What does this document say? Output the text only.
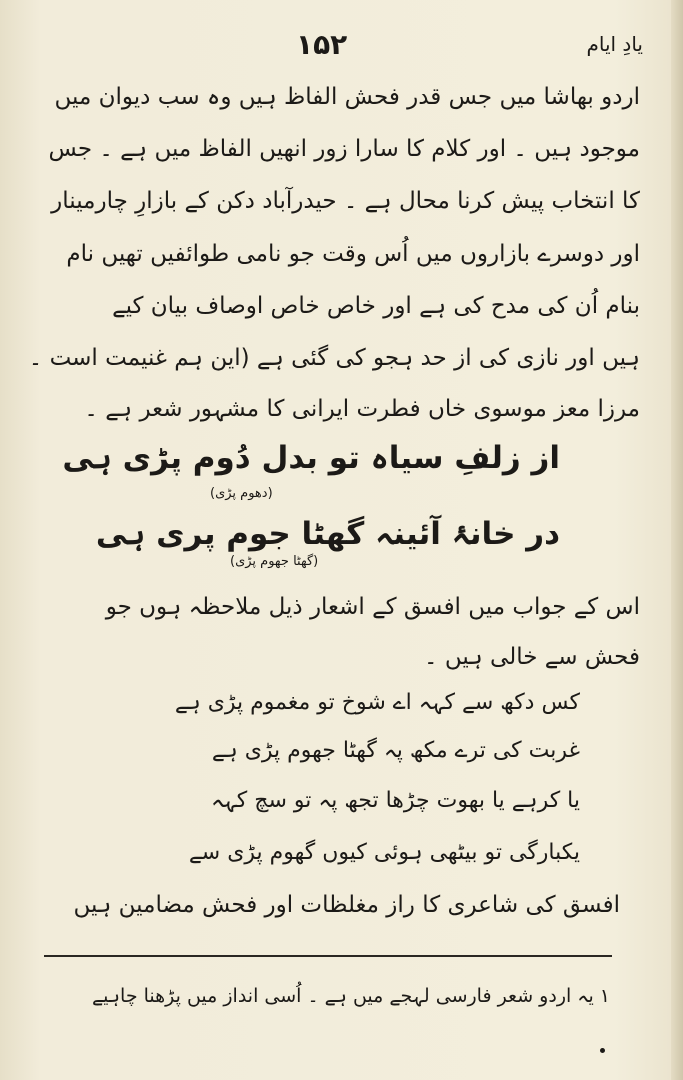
۱۵۲	یادِ ایام
اردو بھاشا میں جس قدر فحش الفاظ ہیں وہ سب دیوان میں
موجود ہیں ۔ اور کلام کا سارا زور انھیں الفاظ میں ہے ۔ جس
کا انتخاب پیش کرنا محال ہے ۔ حیدرآباد دکن کے بازارِ چارمینار
اور دوسرے بازاروں میں اُس وقت جو نامی طوائفیں تھیں نام
بنام اُن کی مدح کی ہے اور خاص خاص اوصاف بیان کیے
ہیں اور نازی کی از حد ہجو کی گئی ہے (این ہم غنیمت است ۔
مرزا معز موسوی خاں فطرت ایرانی کا مشہور شعر ہے ۔
از زلفِ سیاہ تو بدل دُوم پڑی ہی
(دھوم پڑی)
در خانۂ آئینہ گھٹا جوم پری ہی
(گھٹا جھوم پڑی)
اس کے جواب میں افسق کے اشعار ذیل ملاحظہ ہوں جو
فحش سے خالی ہیں ۔
کس دکھ سے کہہ اے شوخ تو مغموم پڑی ہے
غربت کی ترے مکھ پہ گھٹا جھوم پڑی ہے
یا کرہے یا بھوت چڑھا تجھ پہ تو سچ کہہ
یکبارگی تو بیٹھی ہوئی کیوں گھوم پڑی سے
افسق کی شاعری کا راز مغلظات اور فحش مضامین ہیں
۱ یہ اردو شعر فارسی لہجے میں ہے ۔ اُسی انداز میں پڑھنا چاہیے
